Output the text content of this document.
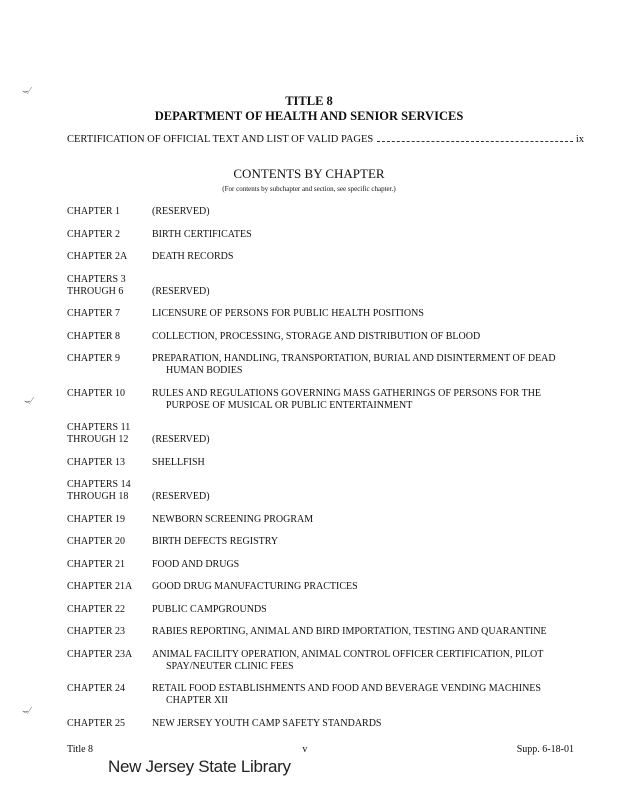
TITLE 8
DEPARTMENT OF HEALTH AND SENIOR SERVICES
CERTIFICATION OF OFFICIAL TEXT AND LIST OF VALID PAGES	ix
CONTENTS BY CHAPTER
(For contents by subchapter and section, see specific chapter.)
CHAPTER 1	(RESERVED)
CHAPTER 2	BIRTH CERTIFICATES
CHAPTER 2A	DEATH RECORDS
CHAPTERS 3
THROUGH 6	(RESERVED)
CHAPTER 7	LICENSURE OF PERSONS FOR PUBLIC HEALTH POSITIONS
CHAPTER 8	COLLECTION, PROCESSING, STORAGE AND DISTRIBUTION OF BLOOD
CHAPTER 9	PREPARATION, HANDLING, TRANSPORTATION, BURIAL AND DISINTERMENT OF DEAD HUMAN BODIES
CHAPTER 10	RULES AND REGULATIONS GOVERNING MASS GATHERINGS OF PERSONS FOR THE PURPOSE OF MUSICAL OR PUBLIC ENTERTAINMENT
CHAPTERS 11
THROUGH 12	(RESERVED)
CHAPTER 13	SHELLFISH
CHAPTERS 14
THROUGH 18	(RESERVED)
CHAPTER 19	NEWBORN SCREENING PROGRAM
CHAPTER 20	BIRTH DEFECTS REGISTRY
CHAPTER 21	FOOD AND DRUGS
CHAPTER 21A	GOOD DRUG MANUFACTURING PRACTICES
CHAPTER 22	PUBLIC CAMPGROUNDS
CHAPTER 23	RABIES REPORTING, ANIMAL AND BIRD IMPORTATION, TESTING AND QUARANTINE
CHAPTER 23A	ANIMAL FACILITY OPERATION, ANIMAL CONTROL OFFICER CERTIFICATION, PILOT SPAY/NEUTER CLINIC FEES
CHAPTER 24	RETAIL FOOD ESTABLISHMENTS AND FOOD AND BEVERAGE VENDING MACHINES CHAPTER XII
CHAPTER 25	NEW JERSEY YOUTH CAMP SAFETY STANDARDS
Title 8	v	Supp. 6-18-01
New Jersey State Library
⌣⁄
⌣⁄
⌣⁄
